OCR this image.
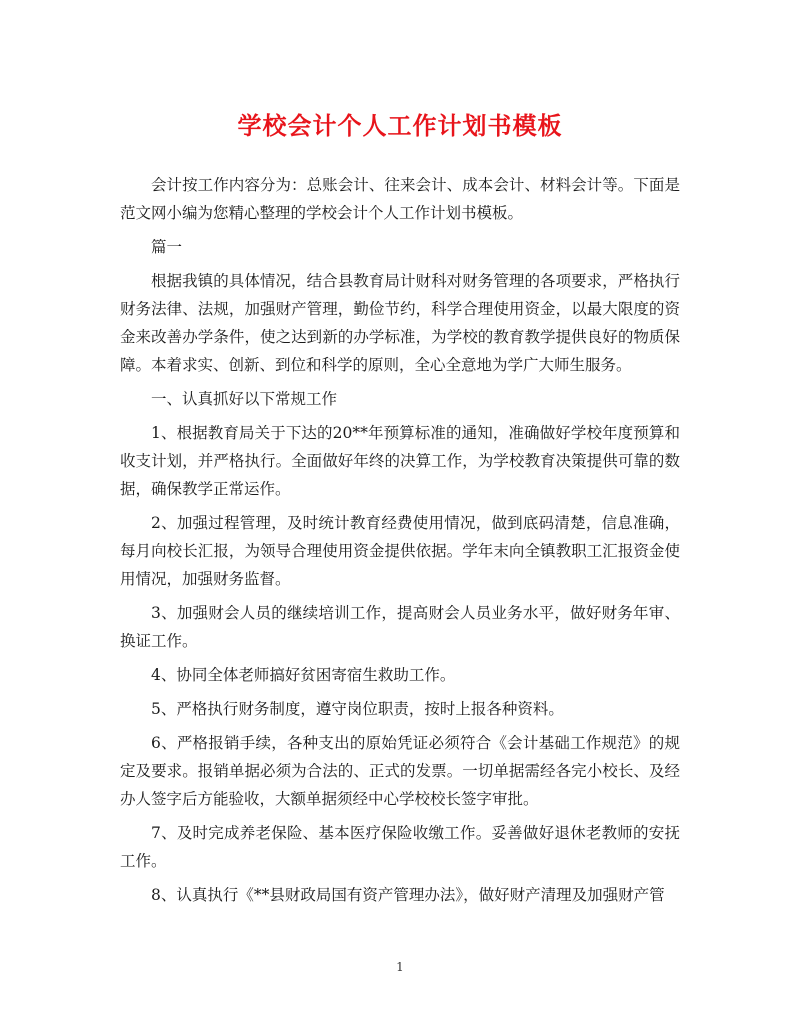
学校会计个人工作计划书模板

会计按工作内容分为：总账会计、往来会计、成本会计、材料会计等。下面是范文网小编为您精心整理的学校会计个人工作计划书模板。

篇一

根据我镇的具体情况，结合县教育局计财科对财务管理的各项要求，严格执行财务法律、法规，加强财产管理，勤俭节约，科学合理使用资金，以最大限度的资金来改善办学条件，使之达到新的办学标准，为学校的教育教学提供良好的物质保障。本着求实、创新、到位和科学的原则，全心全意地为学广大师生服务。

一、认真抓好以下常规工作

1、根据教育局关于下达的20**年预算标准的通知，准确做好学校年度预算和收支计划，并严格执行。全面做好年终的决算工作，为学校教育决策提供可靠的数据，确保教学正常运作。

2、加强过程管理，及时统计教育经费使用情况，做到底码清楚，信息准确，每月向校长汇报，为领导合理使用资金提供依据。学年末向全镇教职工汇报资金使用情况，加强财务监督。

3、加强财会人员的继续培训工作，提高财会人员业务水平，做好财务年审、换证工作。

4、协同全体老师搞好贫困寄宿生救助工作。

5、严格执行财务制度，遵守岗位职责，按时上报各种资料。

6、严格报销手续，各种支出的原始凭证必须符合《会计基础工作规范》的规定及要求。报销单据必须为合法的、正式的发票。一切单据需经各完小校长、及经办人签字后方能验收，大额单据须经中心学校校长签字审批。

7、及时完成养老保险、基本医疗保险收缴工作。妥善做好退休老教师的安抚工作。

8、认真执行《**县财政局国有资产管理办法》，做好财产清理及加强财产管

1
